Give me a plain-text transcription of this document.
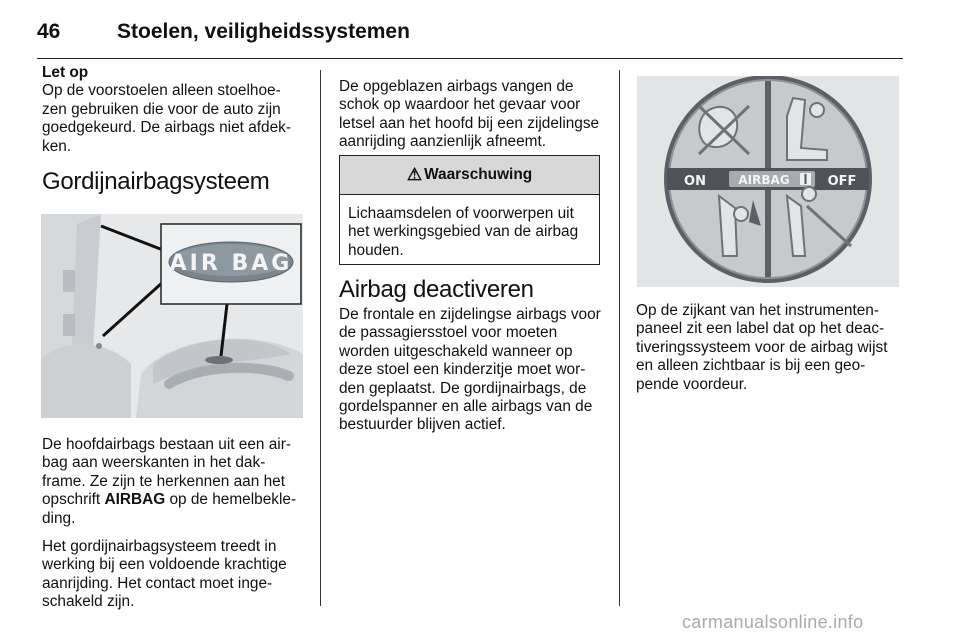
46	Stoelen, veiligheidssystemen
Let op

Op de voorstoelen alleen stoelhoe-zen gebruiken die voor de auto zijn goedgekeurd. De airbags niet afdek-ken.

Gordijnairbagsysteem
AIR BAG

De hoofdairbags bestaan uit een air-bag aan weerskanten in het dak-frame. Ze zijn te herkennen aan het opschrift AIRBAG op de hemelbekle-ding.

Het gordijnairbagsysteem treedt in werking bij een voldoende krachtige aanrijding. Het contact moet inge-schakeld zijn.

De opgeblazen airbags vangen de schok op waardoor het gevaar voor letsel aan het hoofd bij een zijdelingse aanrijding aanzienlijk afneemt.

⚠ Waarschuwing
Lichaamsdelen of voorwerpen uit het werkingsgebied van de airbag houden.
Airbag deactiveren

De frontale en zijdelingse airbags voor de passagiersstoel voor moeten worden uitgeschakeld wanneer op deze stoel een kinderzitje moet wor-den geplaatst. De gordijnairbags, de gordelspanner en alle airbags van de bestuurder blijven actief.

ON	AIRBAG	OFF

Op de zijkant van het instrumenten-paneel zit een label dat op het deac-tiveringssysteem voor de airbag wijst en alleen zichtbaar is bij een geo-pende voordeur.

carmanualsonline.info
